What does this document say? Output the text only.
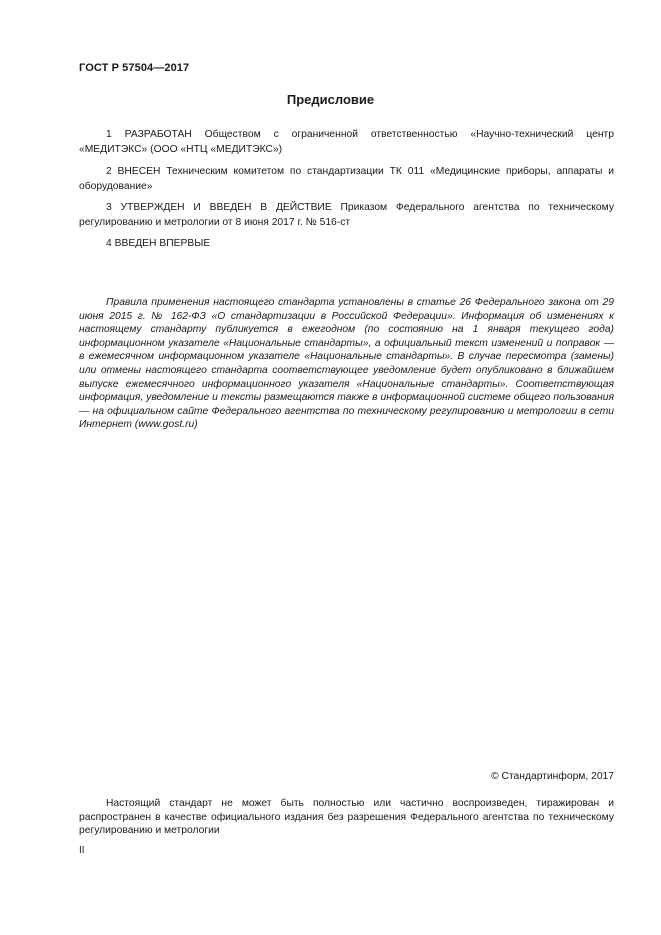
ГОСТ Р 57504—2017
Предисловие
1 РАЗРАБОТАН Обществом с ограниченной ответственностью «Научно-технический центр «МЕДИТЭКС» (ООО «НТЦ «МЕДИТЭКС»)
2 ВНЕСЕН Техническим комитетом по стандартизации ТК 011 «Медицинские приборы, аппараты и оборудование»
3 УТВЕРЖДЕН И ВВЕДЕН В ДЕЙСТВИЕ Приказом Федерального агентства по техническому регулированию и метрологии от 8 июня 2017 г. № 516-ст
4 ВВЕДЕН ВПЕРВЫЕ
Правила применения настоящего стандарта установлены в статье 26 Федерального закона от 29 июня 2015 г. № 162-ФЗ «О стандартизации в Российской Федерации». Информация об изменениях к настоящему стандарту публикуется в ежегодном (по состоянию на 1 января текущего года) информационном указателе «Национальные стандарты», а официальный текст изменений и поправок — в ежемесячном информационном указателе «Национальные стандарты». В случае пересмотра (замены) или отмены настоящего стандарта соответствующее уведомление будет опубликовано в ближайшем выпуске ежемесячного информационного указателя «Национальные стандарты». Соответствующая информация, уведомление и тексты размещаются также в информационной системе общего пользования — на официальном сайте Федерального агентства по техническому регулированию и метрологии в сети Интернет (www.gost.ru)
© Стандартинформ, 2017
Настоящий стандарт не может быть полностью или частично воспроизведен, тиражирован и распространен в качестве официального издания без разрешения Федерального агентства по техническому регулированию и метрологии
II
